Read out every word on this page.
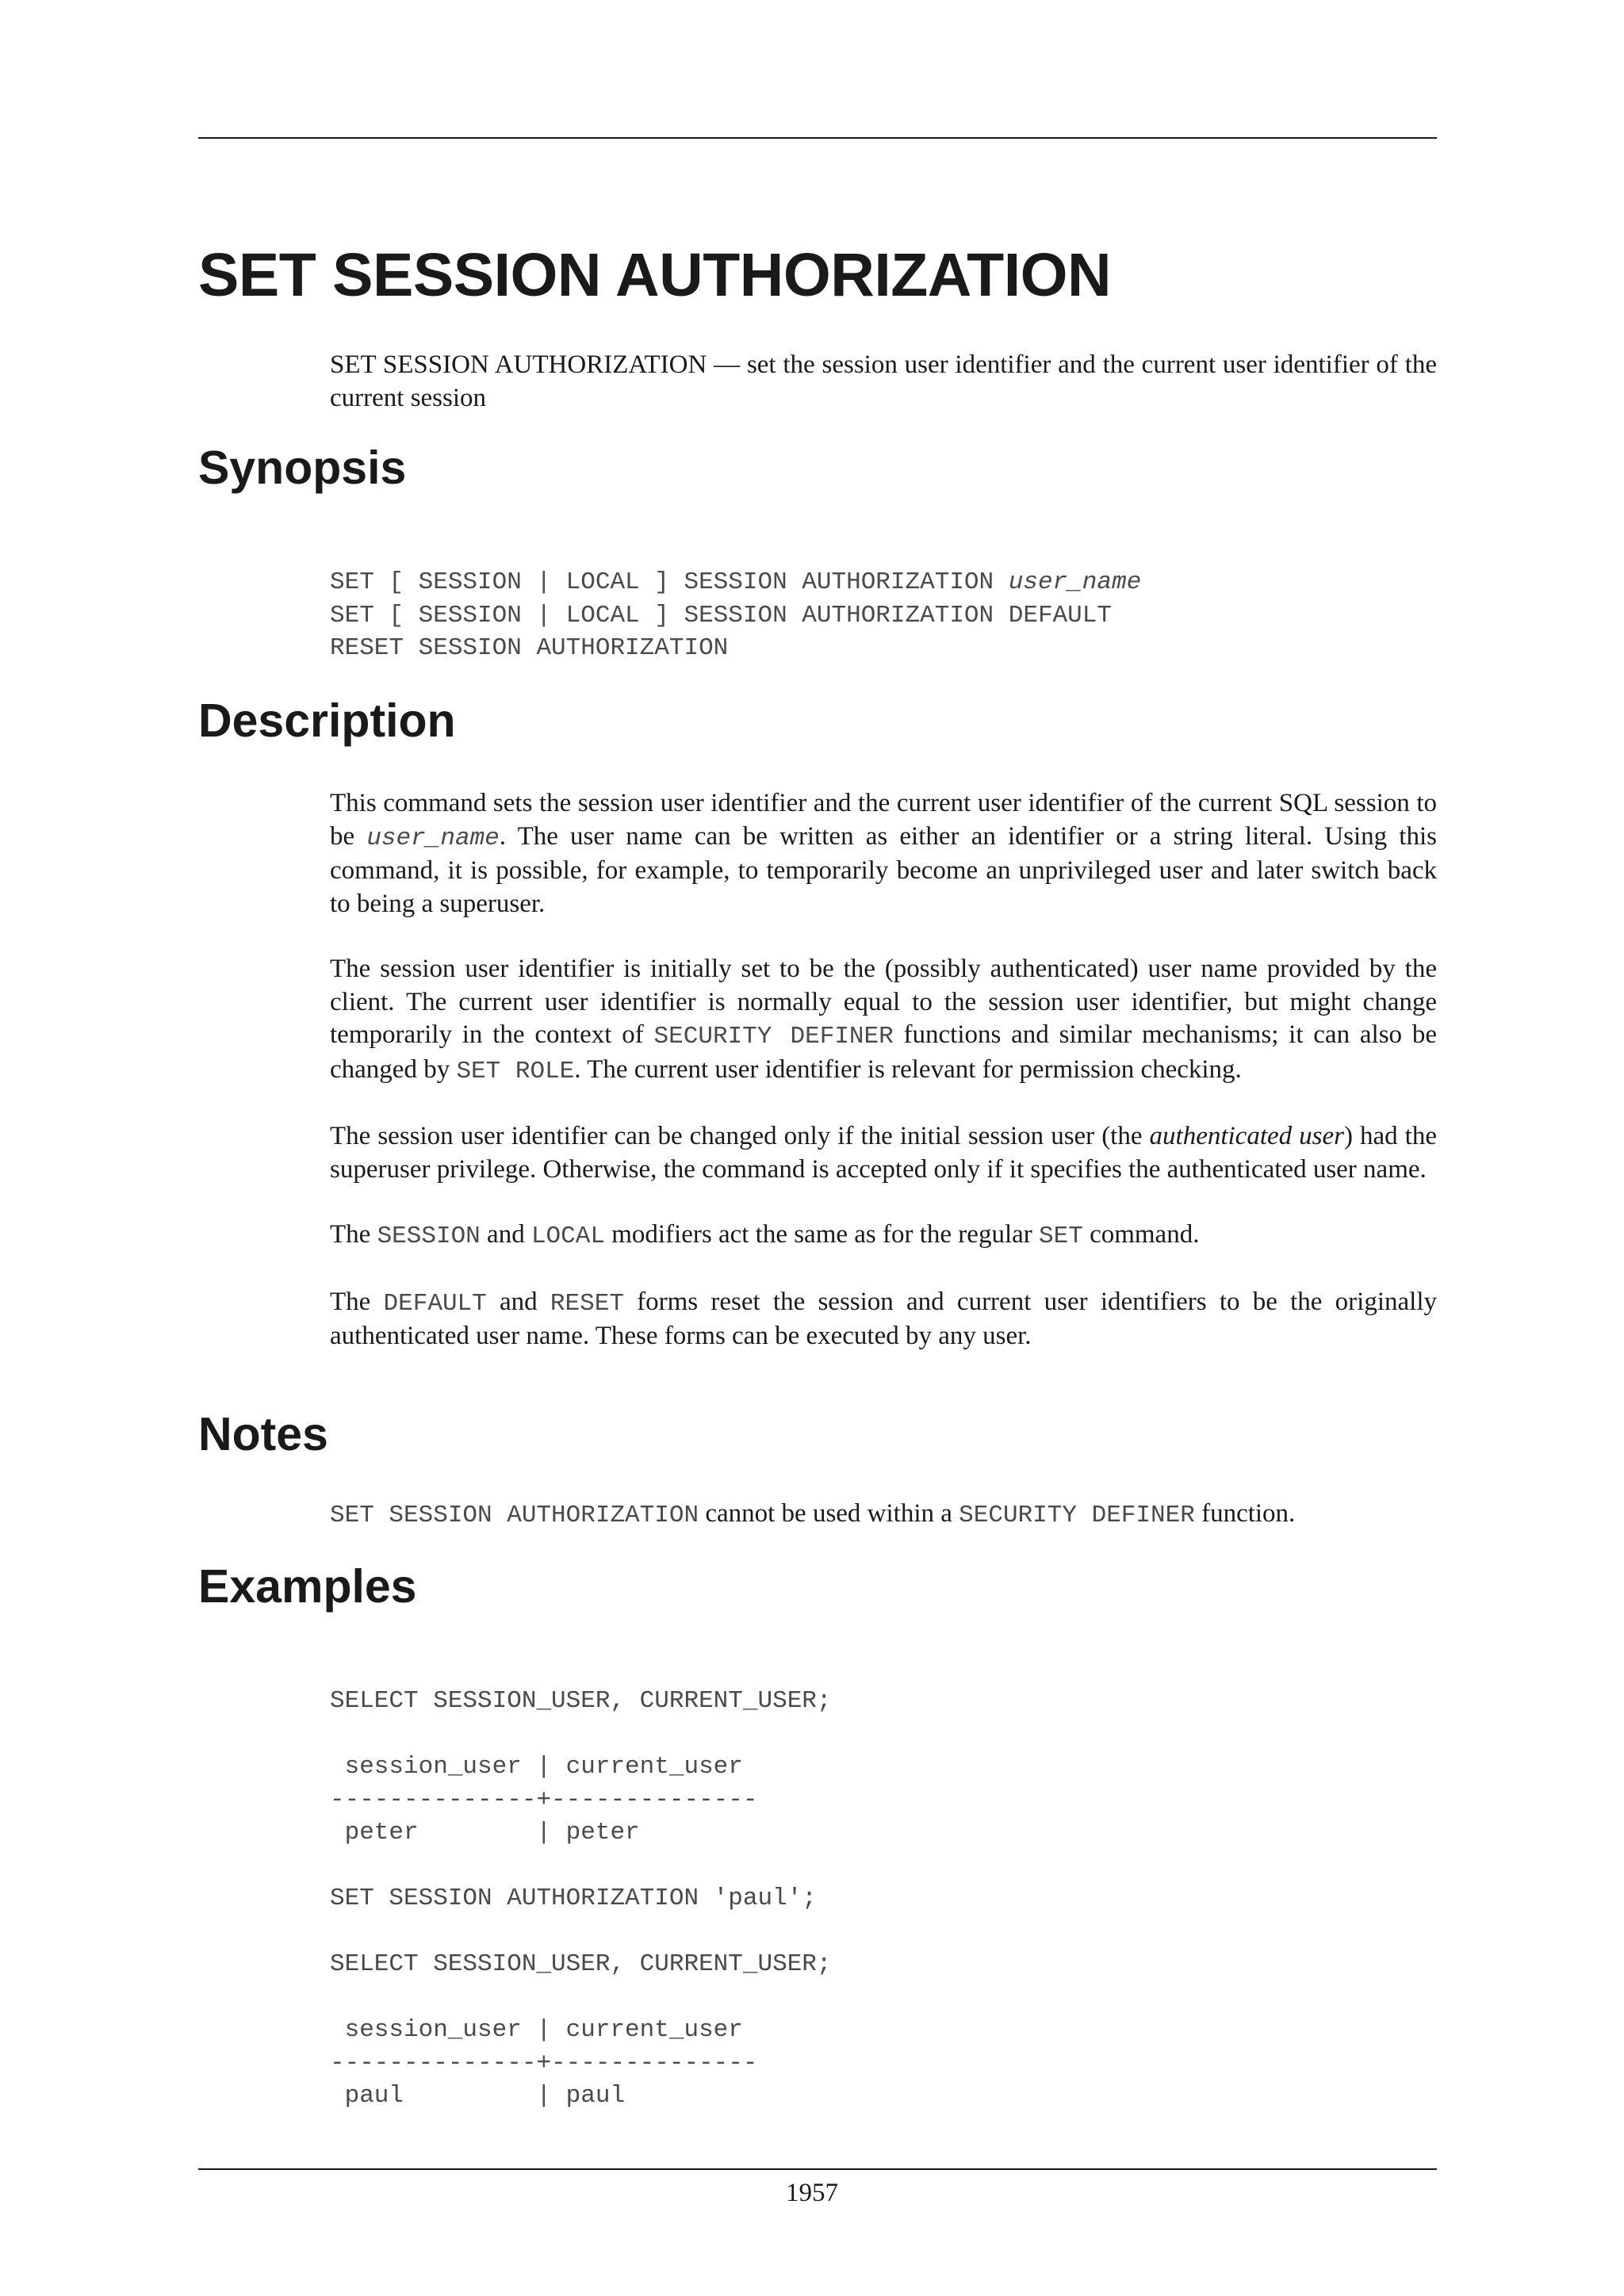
SET SESSION AUTHORIZATION

SET SESSION AUTHORIZATION — set the session user identifier and the current user identifier of the current session

Synopsis
SET [ SESSION | LOCAL ] SESSION AUTHORIZATION user_name
SET [ SESSION | LOCAL ] SESSION AUTHORIZATION DEFAULT
RESET SESSION AUTHORIZATION
Description

This command sets the session user identifier and the current user identifier of the current SQL session to be user_name. The user name can be written as either an identifier or a string literal. Using this command, it is possible, for example, to temporarily become an unprivileged user and later switch back to being a superuser.

The session user identifier is initially set to be the (possibly authenticated) user name provided by the client. The current user identifier is normally equal to the session user identifier, but might change temporarily in the context of SECURITY DEFINER functions and similar mechanisms; it can also be changed by SET ROLE. The current user identifier is relevant for permission checking.

The session user identifier can be changed only if the initial session user (the authenticated user) had the superuser privilege. Otherwise, the command is accepted only if it specifies the authenticated user name.

The SESSION and LOCAL modifiers act the same as for the regular SET command.

The DEFAULT and RESET forms reset the session and current user identifiers to be the originally authenticated user name. These forms can be executed by any user.

Notes

SET SESSION AUTHORIZATION cannot be used within a SECURITY DEFINER function.

Examples
SELECT SESSION_USER, CURRENT_USER;
session_user | current_user
--------------+--------------
peter        | peter
SET SESSION AUTHORIZATION 'paul';
SELECT SESSION_USER, CURRENT_USER;
session_user | current_user
--------------+--------------
paul         | paul
1957
